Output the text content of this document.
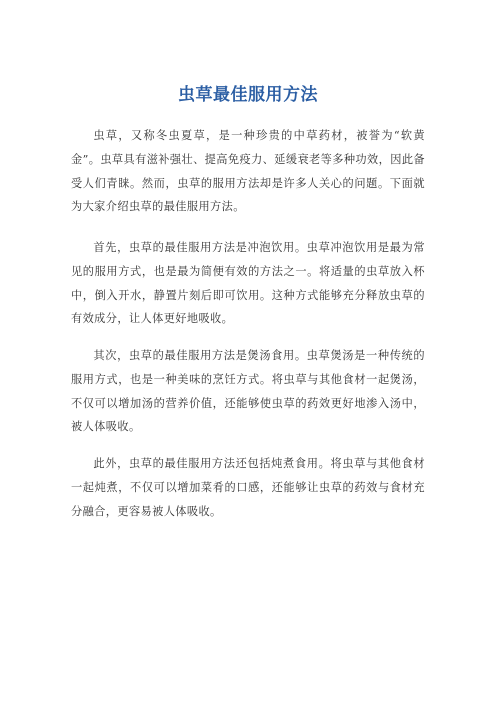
虫草最佳服用方法

虫草，又称冬虫夏草，是一种珍贵的中草药材，被誉为“软黄金”。虫草具有滋补强壮、提高免疫力、延缓衰老等多种功效，因此备受人们青睐。然而，虫草的服用方法却是许多人关心的问题。下面就为大家介绍虫草的最佳服用方法。

首先，虫草的最佳服用方法是冲泡饮用。虫草冲泡饮用是最为常见的服用方式，也是最为简便有效的方法之一。将适量的虫草放入杯中，倒入开水，静置片刻后即可饮用。这种方式能够充分释放虫草的有效成分，让人体更好地吸收。

其次，虫草的最佳服用方法是煲汤食用。虫草煲汤是一种传统的服用方式，也是一种美味的烹饪方式。将虫草与其他食材一起煲汤，不仅可以增加汤的营养价值，还能够使虫草的药效更好地渗入汤中，被人体吸收。

此外，虫草的最佳服用方法还包括炖煮食用。将虫草与其他食材一起炖煮，不仅可以增加菜肴的口感，还能够让虫草的药效与食材充分融合，更容易被人体吸收。
